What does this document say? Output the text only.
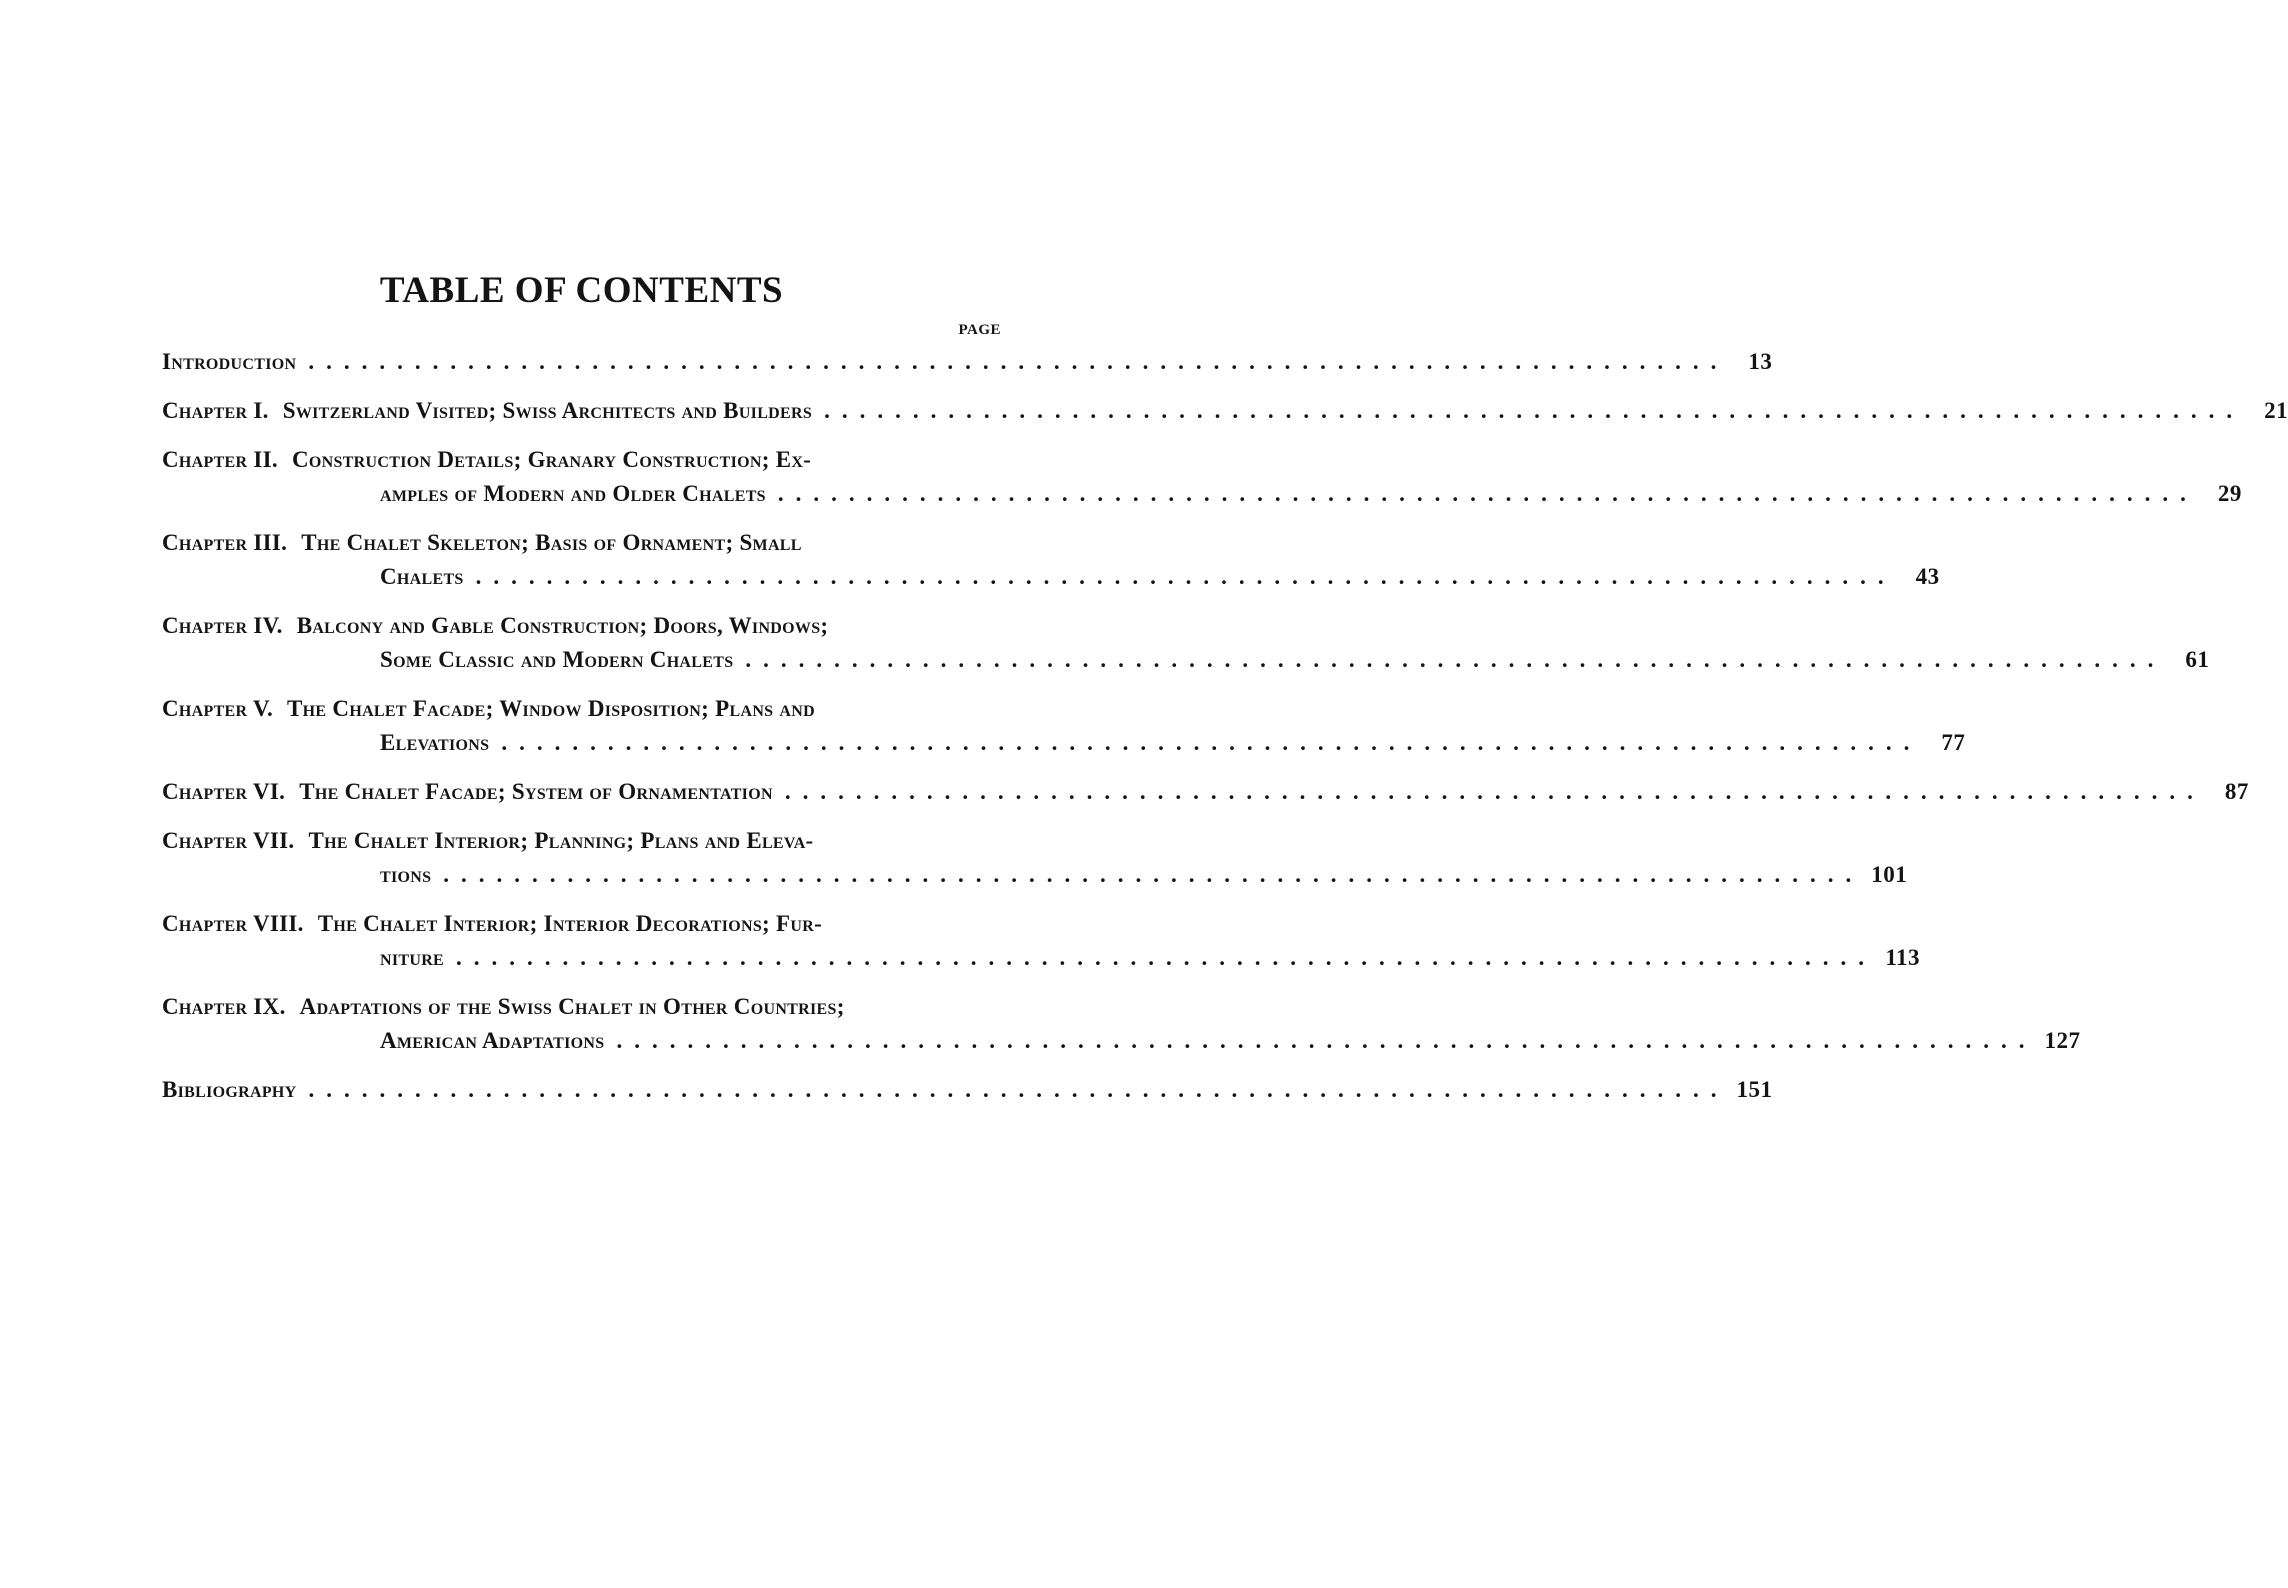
TABLE OF CONTENTS
PAGE
Introduction ................................................................................ 13
Chapter I. Switzerland Visited; Swiss Architects and Builders ................................................................................ 21
Chapter II. Construction Details; Granary Construction; Ex-
amples of Modern and Older Chalets ................................................................................ 29
Chapter III. The Chalet Skeleton; Basis of Ornament; Small
Chalets ................................................................................ 43
Chapter IV. Balcony and Gable Construction; Doors, Windows;
Some Classic and Modern Chalets ................................................................................ 61
Chapter V. The Chalet Facade; Window Disposition; Plans and
Elevations ................................................................................ 77
Chapter VI. The Chalet Facade; System of Ornamentation ................................................................................ 87
Chapter VII. The Chalet Interior; Planning; Plans and Eleva-
tions ................................................................................ 101
Chapter VIII. The Chalet Interior; Interior Decorations; Fur-
niture ................................................................................ 113
Chapter IX. Adaptations of the Swiss Chalet in Other Countries;
American Adaptations ................................................................................ 127
Bibliography ................................................................................ 151
